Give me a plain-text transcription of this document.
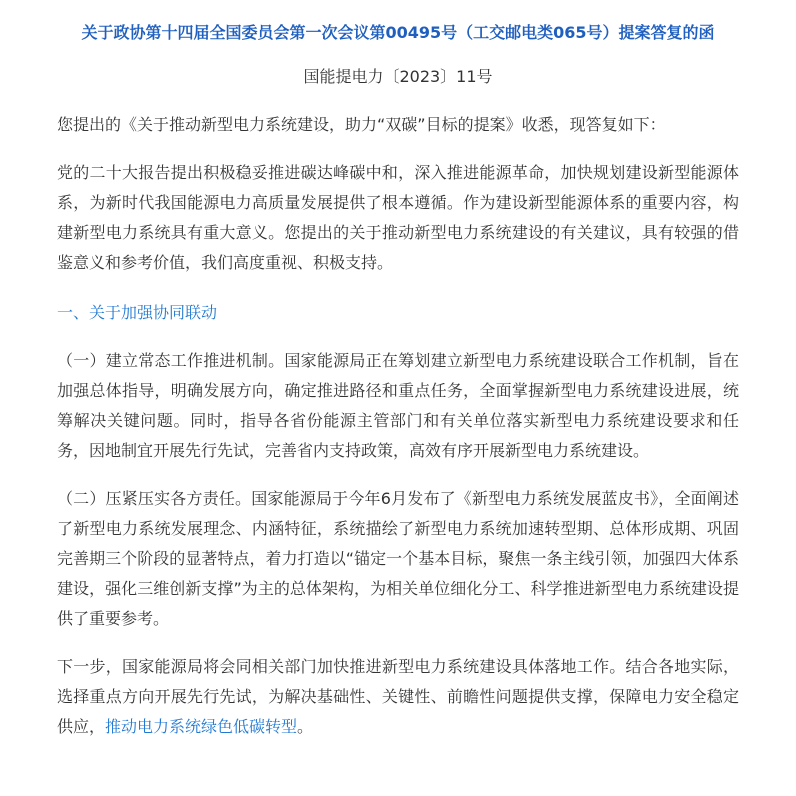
关于政协第十四届全国委员会第一次会议第00495号（工交邮电类065号）提案答复的函

国能提电力〔2023〕11号

您提出的《关于推动新型电力系统建设，助力“双碳”目标的提案》收悉，现答复如下：

党的二十大报告提出积极稳妥推进碳达峰碳中和，深入推进能源革命，加快规划建设新型能源体系，为新时代我国能源电力高质量发展提供了根本遵循。作为建设新型能源体系的重要内容，构建新型电力系统具有重大意义。您提出的关于推动新型电力系统建设的有关建议，具有较强的借鉴意义和参考价值，我们高度重视、积极支持。

一、关于加强协同联动

（一）建立常态工作推进机制。国家能源局正在筹划建立新型电力系统建设联合工作机制，旨在加强总体指导，明确发展方向，确定推进路径和重点任务，全面掌握新型电力系统建设进展，统筹解决关键问题。同时，指导各省份能源主管部门和有关单位落实新型电力系统建设要求和任务，因地制宜开展先行先试，完善省内支持政策，高效有序开展新型电力系统建设。

（二）压紧压实各方责任。国家能源局于今年6月发布了《新型电力系统发展蓝皮书》，全面阐述了新型电力系统发展理念、内涵特征，系统描绘了新型电力系统加速转型期、总体形成期、巩固完善期三个阶段的显著特点，着力打造以“锚定一个基本目标，聚焦一条主线引领，加强四大体系建设，强化三维创新支撑”为主的总体架构，为相关单位细化分工、科学推进新型电力系统建设提供了重要参考。

下一步，国家能源局将会同相关部门加快推进新型电力系统建设具体落地工作。结合各地实际，选择重点方向开展先行先试，为解决基础性、关键性、前瞻性问题提供支撑，保障电力安全稳定供应，推动电力系统绿色低碳转型。
